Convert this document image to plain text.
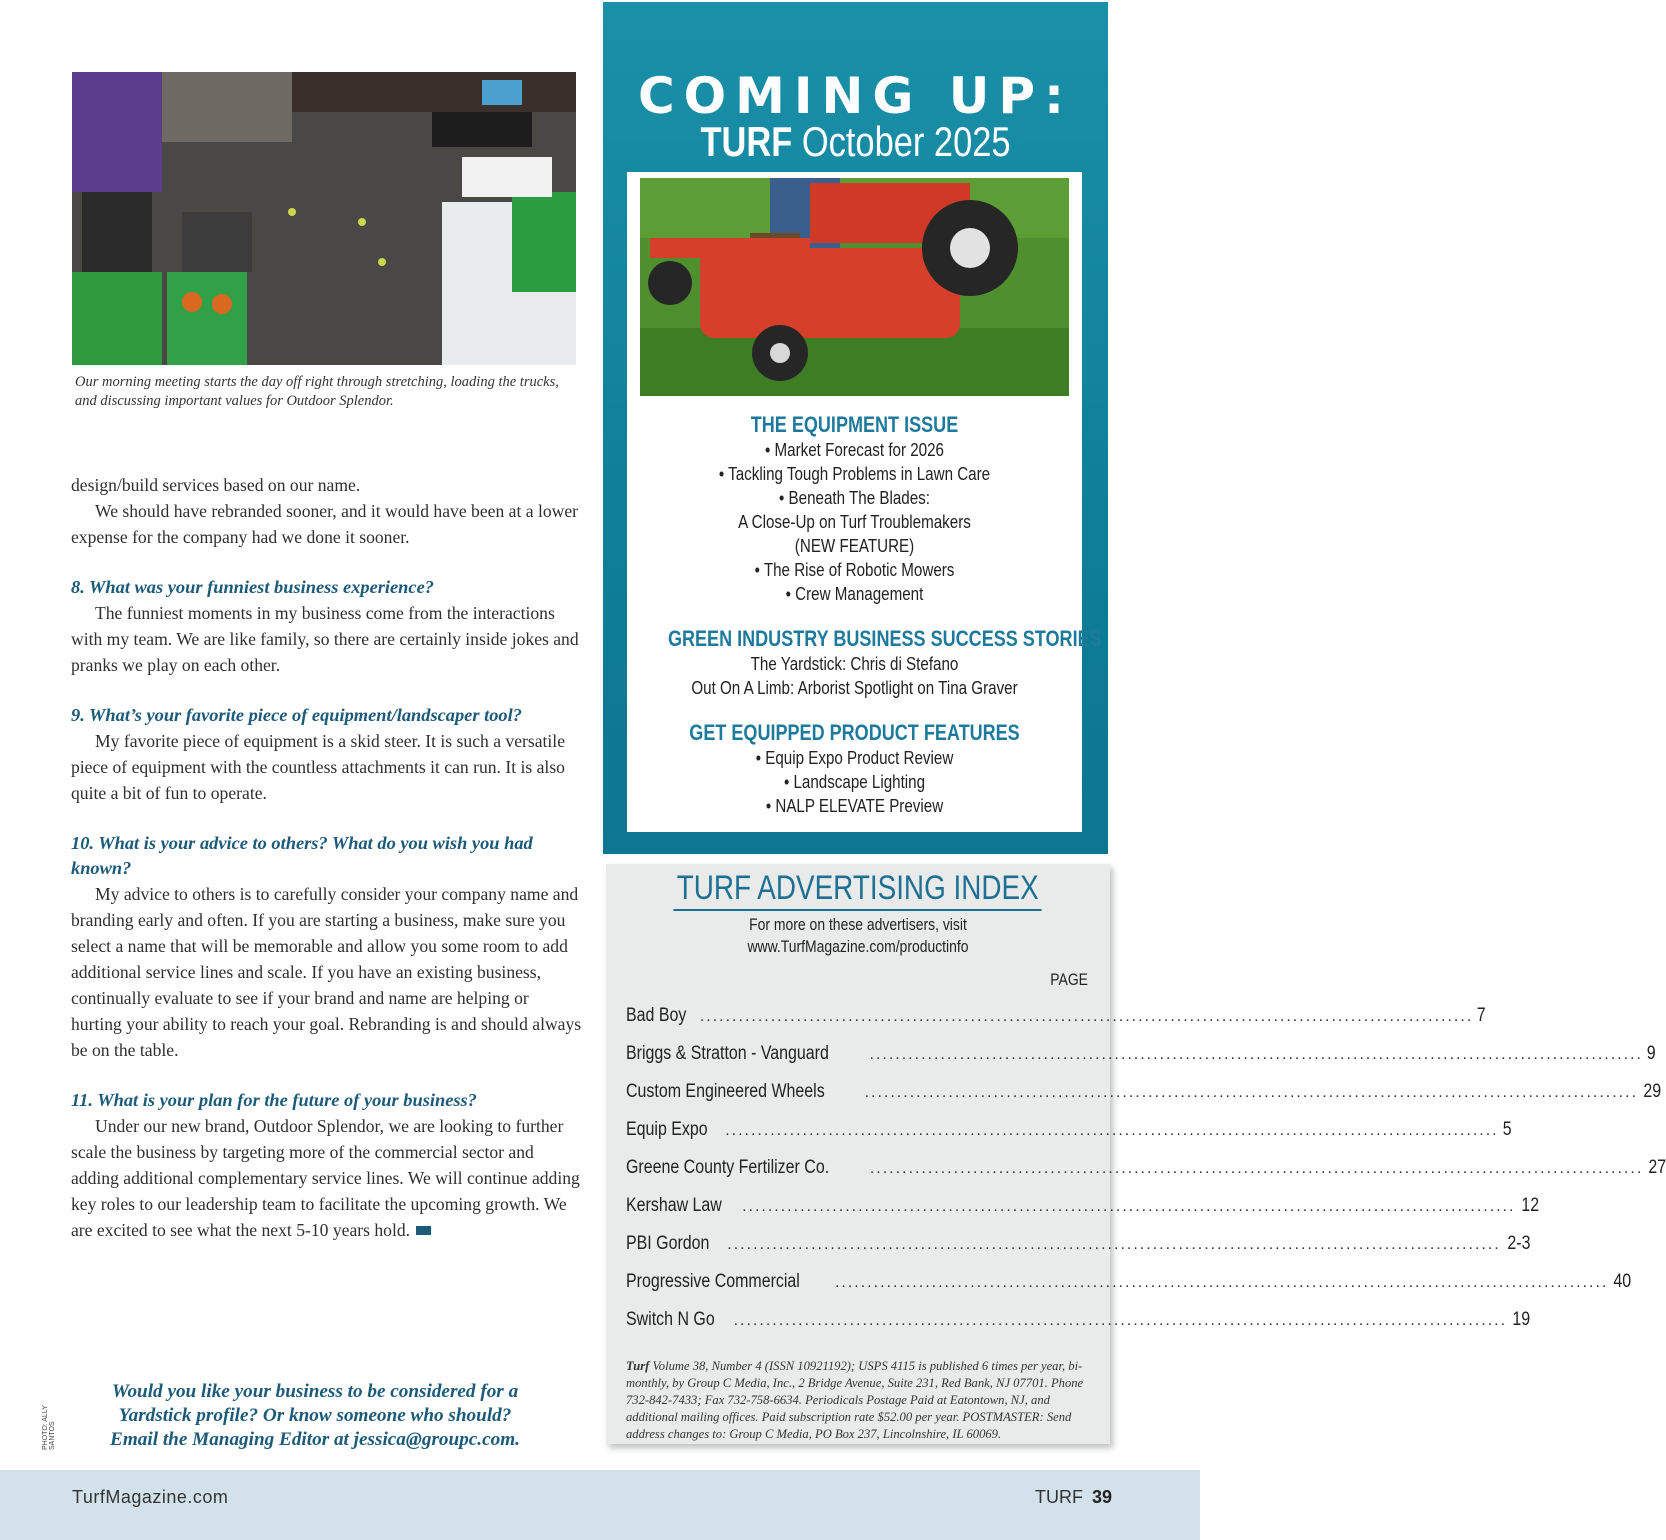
Our morning meeting starts the day off right through stretching, loading the trucks, and discussing important values for Outdoor Splendor.

design/build services based on our name.

We should have rebranded sooner, and it would have been at a lower expense for the company had we done it sooner.

8. What was your funniest business experience?

The funniest moments in my business come from the interactions with my team. We are like family, so there are certainly inside jokes and pranks we play on each other.

9. What’s your favorite piece of equipment/landscaper tool?

My favorite piece of equipment is a skid steer. It is such a versatile piece of equipment with the countless attachments it can run. It is also quite a bit of fun to operate.

10. What is your advice to others? What do you wish you had known?

My advice to others is to carefully consider your company name and branding early and often. If you are starting a business, make sure you select a name that will be memorable and allow you some room to add additional service lines and scale. If you have an existing business, continually evaluate to see if your brand and name are helping or hurting your ability to reach your goal. Rebranding is and should always be on the table.

11. What is your plan for the future of your business?

Under our new brand, Outdoor Splendor, we are looking to further scale the business by targeting more of the commercial sector and adding additional complementary service lines. We will continue adding key roles to our leadership team to facilitate the upcoming growth. We are excited to see what the next 5-10 years hold.

PHOTO: ALLY SANTOS
Would you like your business to be considered for a
Yardstick profile? Or know someone who should?
Email the Managing Editor at jessica@groupc.com.
COMING UP:
TURF October 2025
THE EQUIPMENT ISSUE
• Market Forecast for 2026
• Tackling Tough Problems in Lawn Care
• Beneath The Blades:
A Close-Up on Turf Troublemakers
(NEW FEATURE)
• The Rise of Robotic Mowers
• Crew Management
GREEN INDUSTRY BUSINESS SUCCESS STORIES
The Yardstick: Chris di Stefano
Out On A Limb: Arborist Spotlight on Tina Graver
GET EQUIPPED PRODUCT FEATURES
• Equip Expo Product Review
• Landscape Lighting
• NALP ELEVATE Preview
TURF ADVERTISING INDEX
For more on these advertisers, visit
www.TurfMagazine.com/productinfo
PAGE
Bad Boy ........................................................................................................................ 7
Briggs & Stratton - Vanguard	........................................................................................................................ 9
Custom Engineered Wheels ........................................................................................................................ 29
Equip Expo ........................................................................................................................ 5
Greene County Fertilizer Co.	........................................................................................................................ 27
Kershaw Law ........................................................................................................................ 12
PBI Gordon ........................................................................................................................ 2-3
Progressive Commercial ........................................................................................................................ 40
Switch N Go ........................................................................................................................ 19
Turf Volume 38, Number 4 (ISSN 10921192); USPS 4115 is published 6 times per year, bi-monthly, by Group C Media, Inc., 2 Bridge Avenue, Suite 231, Red Bank, NJ 07701. Phone 732-842-7433; Fax 732-758-6634. Periodicals Postage Paid at Eatontown, NJ, and additional mailing offices. Paid subscription rate $52.00 per year. POSTMASTER: Send address changes to: Group C Media, PO Box 237, Lincolnshire, IL 60069.
TurfMagazine.com	TURF 39
